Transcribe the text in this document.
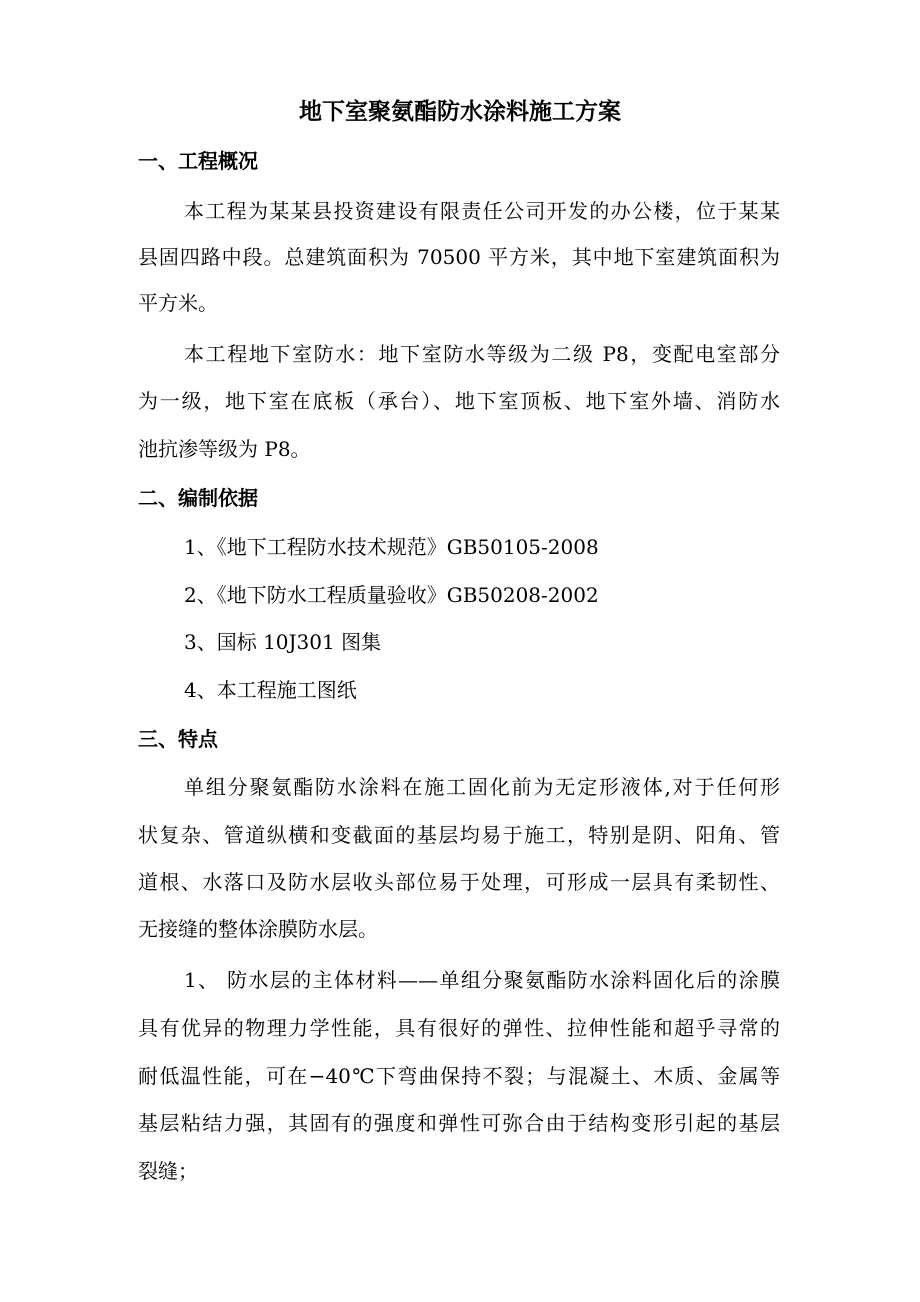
地下室聚氨酯防水涂料施工方案
一、工程概况
本工程为某某县投资建设有限责任公司开发的办公楼，位于某某
县固四路中段。总建筑面积为 70500 平方米，其中地下室建筑面积为
平方米。
本工程地下室防水：地下室防水等级为二级 P8，变配电室部分
为一级，地下室在底板（承台）、地下室顶板、地下室外墙、消防水
池抗渗等级为 P8。
二、编制依据
1、《地下工程防水技术规范》GB50105-2008
2、《地下防水工程质量验收》GB50208-2002
3、国标 10J301 图集
4、本工程施工图纸
三、特点
单组分聚氨酯防水涂料在施工固化前为无定形液体,对于任何形
状复杂、管道纵横和变截面的基层均易于施工，特别是阴、阳角、管
道根、水落口及防水层收头部位易于处理，可形成一层具有柔韧性、
无接缝的整体涂膜防水层。
1、 防水层的主体材料——单组分聚氨酯防水涂料固化后的涂膜
具有优异的物理力学性能，具有很好的弹性、拉伸性能和超乎寻常的
耐低温性能，可在−40℃下弯曲保持不裂；与混凝土、木质、金属等
基层粘结力强，其固有的强度和弹性可弥合由于结构变形引起的基层
裂缝；
